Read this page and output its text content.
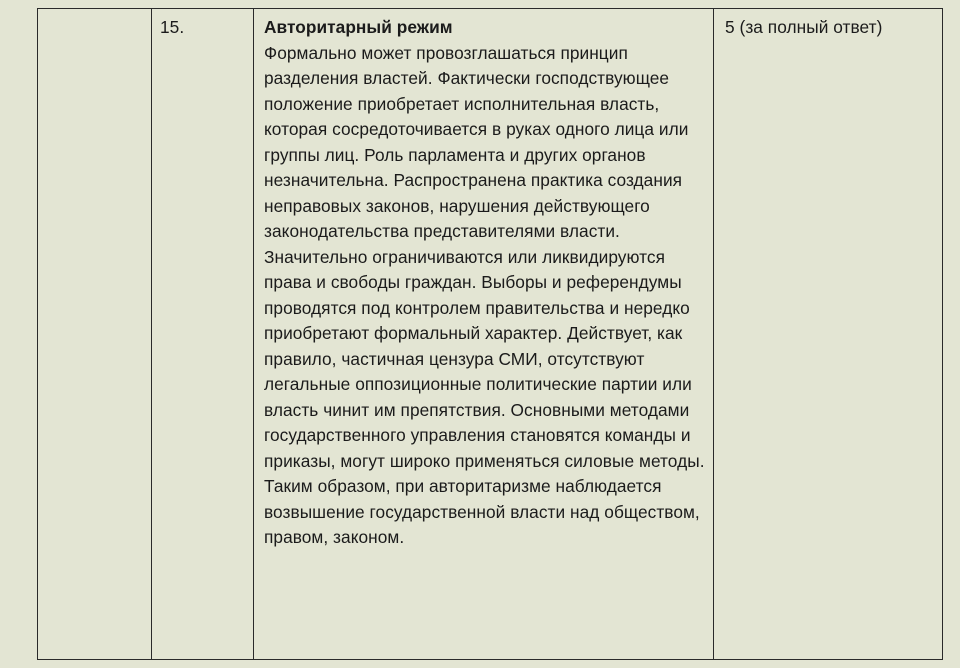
15.	Авторитарный режим

Формально может провозглашаться принцип разделения властей. Фактически господствующее положение приобретает исполнительная власть, которая сосредоточивается в руках одного лица или группы лиц. Роль парламента и других органов незначительна. Распространена практика создания неправовых законов, нарушения действующего законодательства представителями власти. Значительно ограничиваются или ликвидируются права и свободы граждан. Выборы и референдумы проводятся под контролем правительства и нередко приобретают формальный характер. Действует, как правило, частичная цензура СМИ, отсутствуют легальные оппозиционные политические партии или власть чинит им препятствия. Основными методами государственного управления становятся команды и приказы, могут широко применяться силовые методы. Таким образом, при авторитаризме наблюдается возвышение государственной власти над обществом, правом, законом.

5 (за полный ответ)
